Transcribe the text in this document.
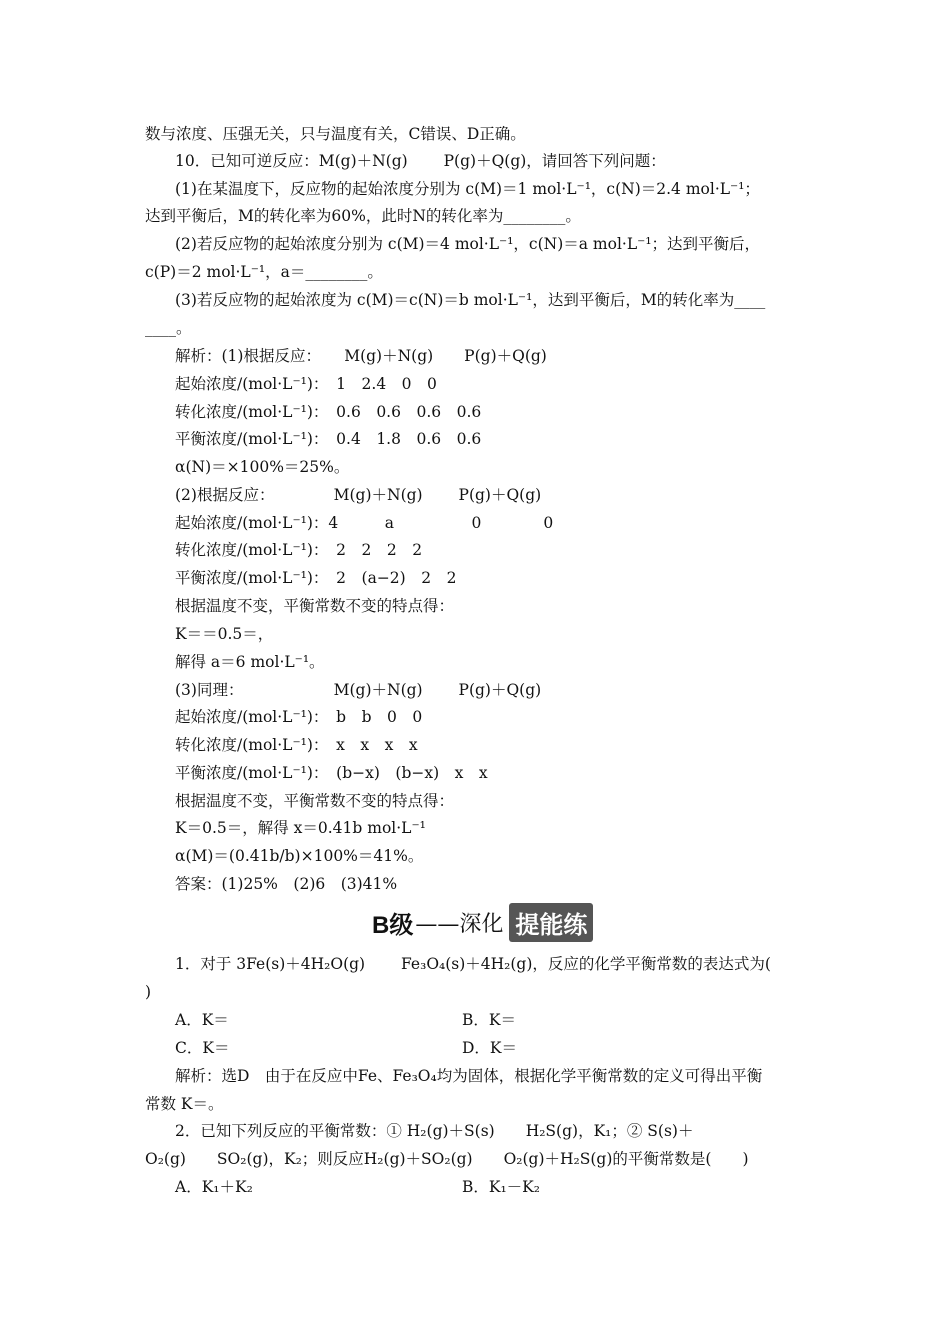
数与浓度、压强无关，只与温度有关，C错误、D正确。
10．已知可逆反应：M(g)＋N(g)　　 P(g)＋Q(g)，请回答下列问题：
(1)在某温度下，反应物的起始浓度分别为 c(M)＝1 mol·L⁻¹，c(N)＝2.4 mol·L⁻¹；
达到平衡后，M的转化率为60%，此时N的转化率为________。
(2)若反应物的起始浓度分别为 c(M)＝4 mol·L⁻¹，c(N)＝a mol·L⁻¹；达到平衡后，
c(P)＝2 mol·L⁻¹，a＝________。
(3)若反应物的起始浓度为 c(M)＝c(N)＝b mol·L⁻¹，达到平衡后，M的转化率为____
____。
解析：(1)根据反应：　　M(g)＋N(g)　　P(g)＋Q(g)
起始浓度/(mol·L⁻¹)：　1　2.4　0　0
转化浓度/(mol·L⁻¹)：　0.6　0.6　0.6　0.6
平衡浓度/(mol·L⁻¹)：　0.4　1.8　0.6　0.6
α(N)＝×100%＝25%。
(2)根据反应：　　　　 M(g)＋N(g)　　 P(g)＋Q(g)
起始浓度/(mol·L⁻¹)：4　　　a　　　　　0　　　　0
转化浓度/(mol·L⁻¹)：　2　2　2　2
平衡浓度/(mol·L⁻¹)：　2　(a−2)　2　2
根据温度不变，平衡常数不变的特点得：
K＝＝0.5＝，
解得 a＝6 mol·L⁻¹。
(3)同理：　　　　　　 M(g)＋N(g)　　 P(g)＋Q(g)
起始浓度/(mol·L⁻¹)：　b　b　0　0
转化浓度/(mol·L⁻¹)：　x　x　x　x
平衡浓度/(mol·L⁻¹)：　(b−x)　(b−x)　x　x
根据温度不变，平衡常数不变的特点得：
K＝0.5＝，解得 x＝0.41b mol·L⁻¹
α(M)＝(0.41b/b)×100%＝41%。
答案：(1)25%　(2)6　(3)41%
B级 ——深化 提能练
1．对于 3Fe(s)＋4H₂O(g)　　 Fe₃O₄(s)＋4H₂(g)，反应的化学平衡常数的表达式为(
)
A．K＝	B．K＝
C．K＝	D．K＝
解析：选D　由于在反应中Fe、Fe₃O₄均为固体，根据化学平衡常数的定义可得出平衡
常数 K＝。
2．已知下列反应的平衡常数：① H₂(g)＋S(s)　　H₂S(g)，K₁；② S(s)＋
O₂(g)　　SO₂(g)，K₂；则反应H₂(g)＋SO₂(g)　　O₂(g)＋H₂S(g)的平衡常数是(　　)
A．K₁＋K₂	B．K₁－K₂
